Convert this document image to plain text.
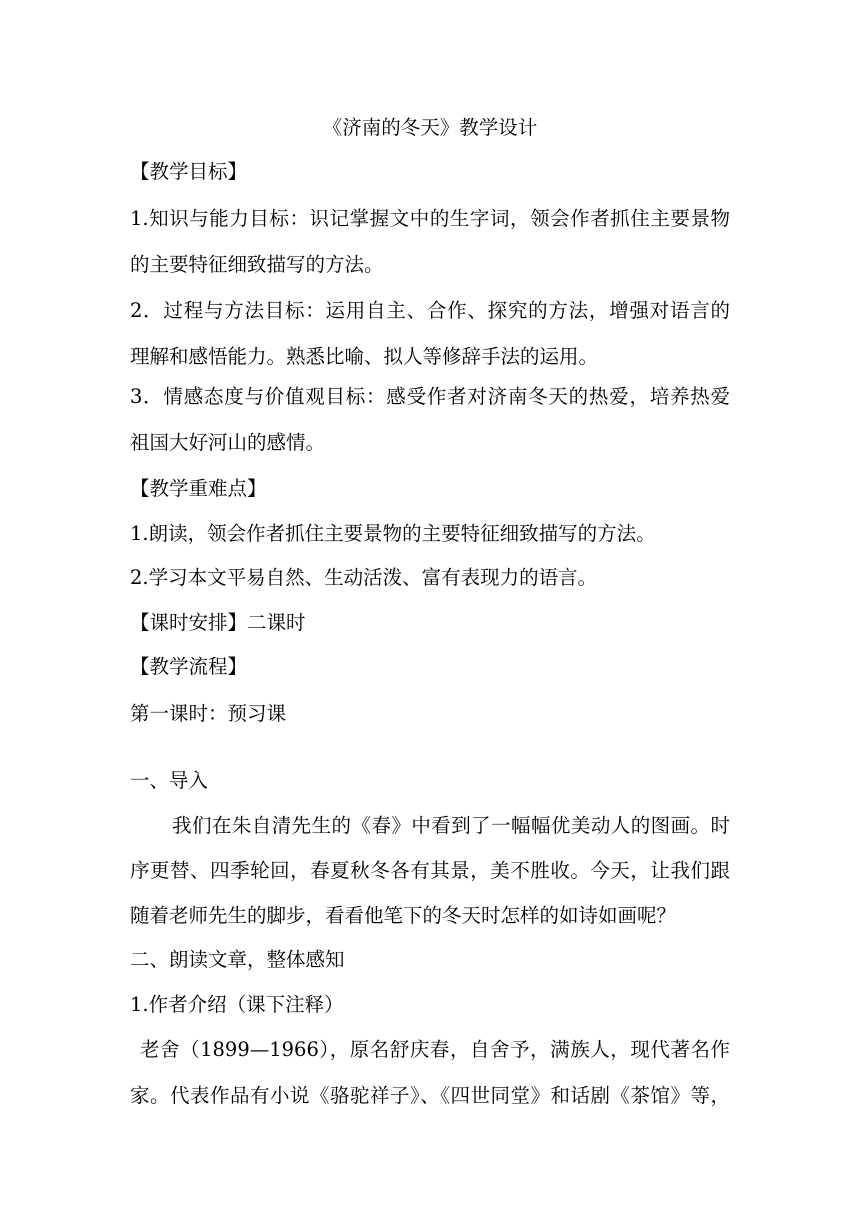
《济南的冬天》教学设计
【教学目标】
1.知识与能力目标：识记掌握文中的生字词，领会作者抓住主要景物
的主要特征细致描写的方法。
2．过程与方法目标：运用自主、合作、探究的方法，增强对语言的
理解和感悟能力。熟悉比喻、拟人等修辞手法的运用。
3．情感态度与价值观目标：感受作者对济南冬天的热爱，培养热爱
祖国大好河山的感情。
【教学重难点】
1.朗读，领会作者抓住主要景物的主要特征细致描写的方法。
2.学习本文平易自然、生动活泼、富有表现力的语言。
【课时安排】二课时
【教学流程】
第一课时：预习课
一、导入
我们在朱自清先生的《春》中看到了一幅幅优美动人的图画。时
序更替、四季轮回，春夏秋冬各有其景，美不胜收。今天，让我们跟
随着老师先生的脚步，看看他笔下的冬天时怎样的如诗如画呢？
二、朗读文章，整体感知
1.作者介绍（课下注释）
老舍（1899—1966），原名舒庆春，自舍予，满族人，现代著名作
家。代表作品有小说《骆驼祥子》、《四世同堂》和话剧《茶馆》等，
